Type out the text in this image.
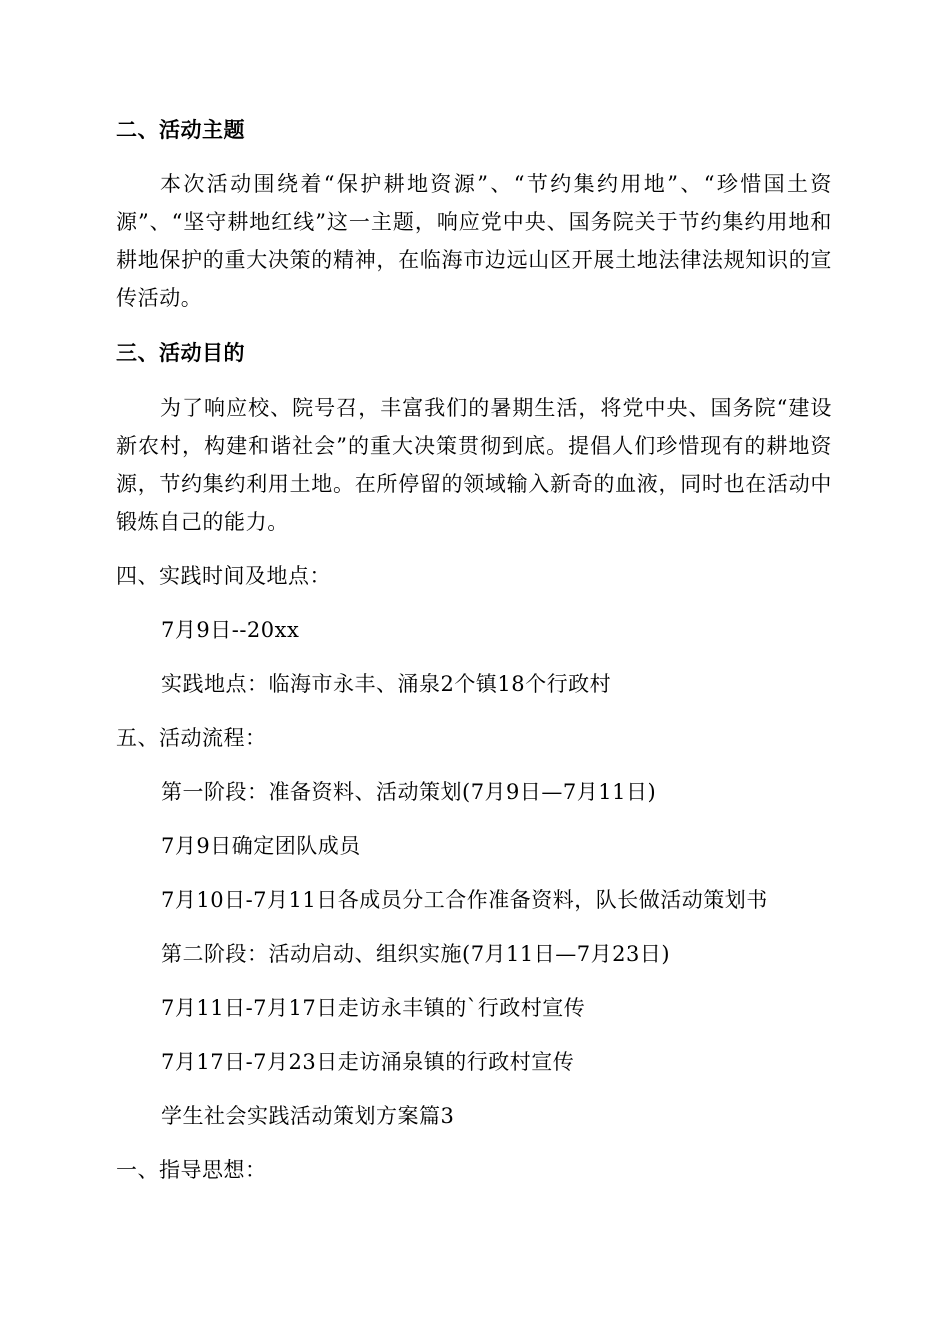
二、活动主题
本次活动围绕着“保护耕地资源”、“节约集约用地”、“珍惜国土资源”、“坚守耕地红线”这一主题，响应党中央、国务院关于节约集约用地和耕地保护的重大决策的精神，在临海市边远山区开展土地法律法规知识的宣传活动。
三、活动目的
为了响应校、院号召，丰富我们的暑期生活，将党中央、国务院“建设新农村，构建和谐社会”的重大决策贯彻到底。提倡人们珍惜现有的耕地资源，节约集约利用土地。在所停留的领域输入新奇的血液，同时也在活动中锻炼自己的能力。
四、实践时间及地点：
7月9日--20xx
实践地点：临海市永丰、涌泉2个镇18个行政村
五、活动流程：
第一阶段：准备资料、活动策划(7月9日—7月11日)
7月9日确定团队成员
7月10日-7月11日各成员分工合作准备资料，队长做活动策划书
第二阶段：活动启动、组织实施(7月11日—7月23日)
7月11日-7月17日走访永丰镇的`行政村宣传
7月17日-7月23日走访涌泉镇的行政村宣传
学生社会实践活动策划方案篇3
一、指导思想：
